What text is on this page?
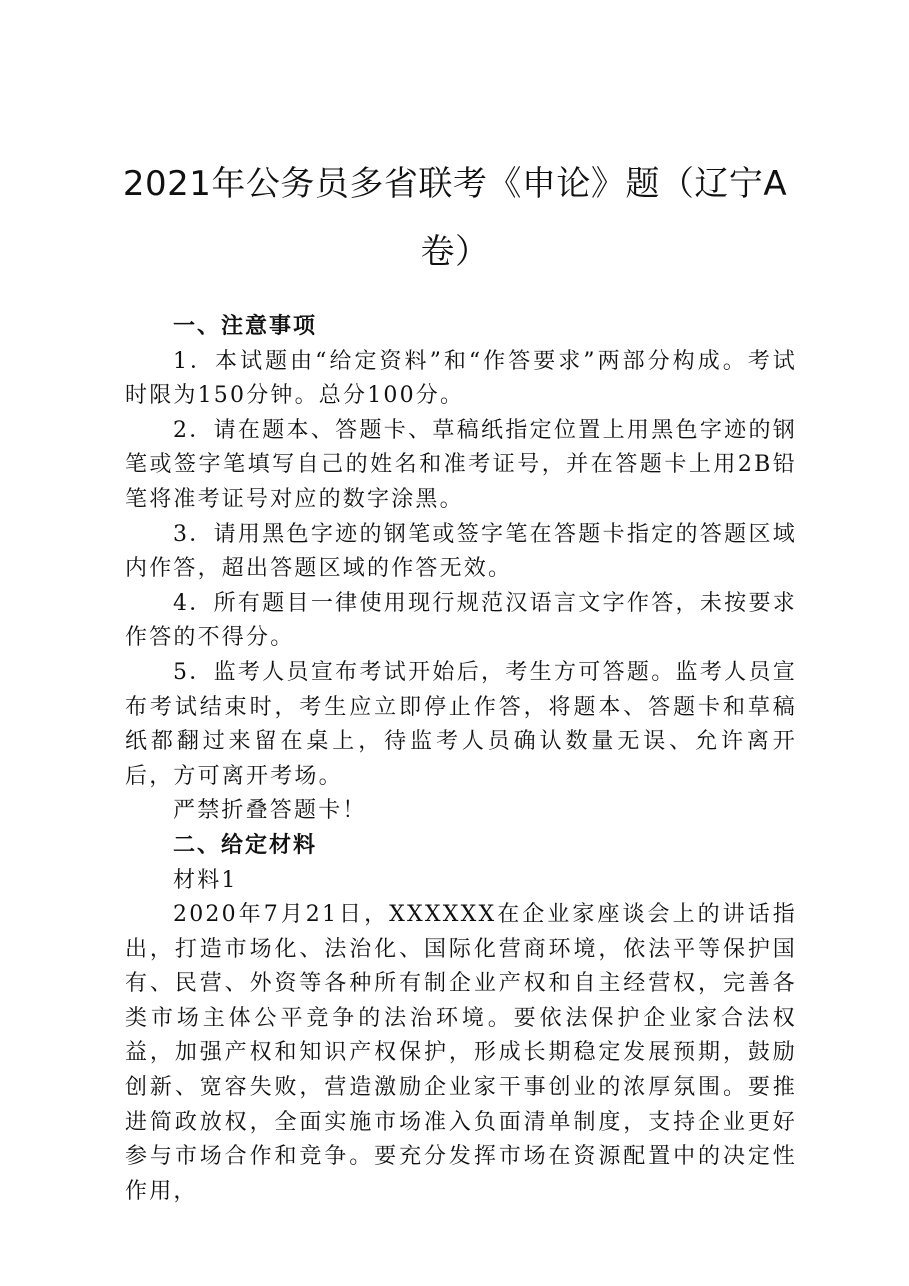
2021年公务员多省联考《申论》题（辽宁A卷）

一、注意事项

1．本试题由“给定资料”和“作答要求”两部分构成。考试时限为150分钟。总分100分。

2．请在题本、答题卡、草稿纸指定位置上用黑色字迹的钢笔或签字笔填写自己的姓名和准考证号，并在答题卡上用2B铅笔将准考证号对应的数字涂黑。

3．请用黑色字迹的钢笔或签字笔在答题卡指定的答题区域内作答，超出答题区域的作答无效。

4．所有题目一律使用现行规范汉语言文字作答，未按要求作答的不得分。

5．监考人员宣布考试开始后，考生方可答题。监考人员宣布考试结束时，考生应立即停止作答，将题本、答题卡和草稿纸都翻过来留在桌上，待监考人员确认数量无误、允许离开后，方可离开考场。

严禁折叠答题卡！

二、给定材料

材料1

2020年7月21日，XXXXXX在企业家座谈会上的讲话指出，打造市场化、法治化、国际化营商环境，依法平等保护国有、民营、外资等各种所有制企业产权和自主经营权，完善各类市场主体公平竞争的法治环境。要依法保护企业家合法权益，加强产权和知识产权保护，形成长期稳定发展预期，鼓励创新、宽容失败，营造激励企业家干事创业的浓厚氛围。要推进简政放权，全面实施市场准入负面清单制度，支持企业更好参与市场合作和竞争。要充分发挥市场在资源配置中的决定性作用，
